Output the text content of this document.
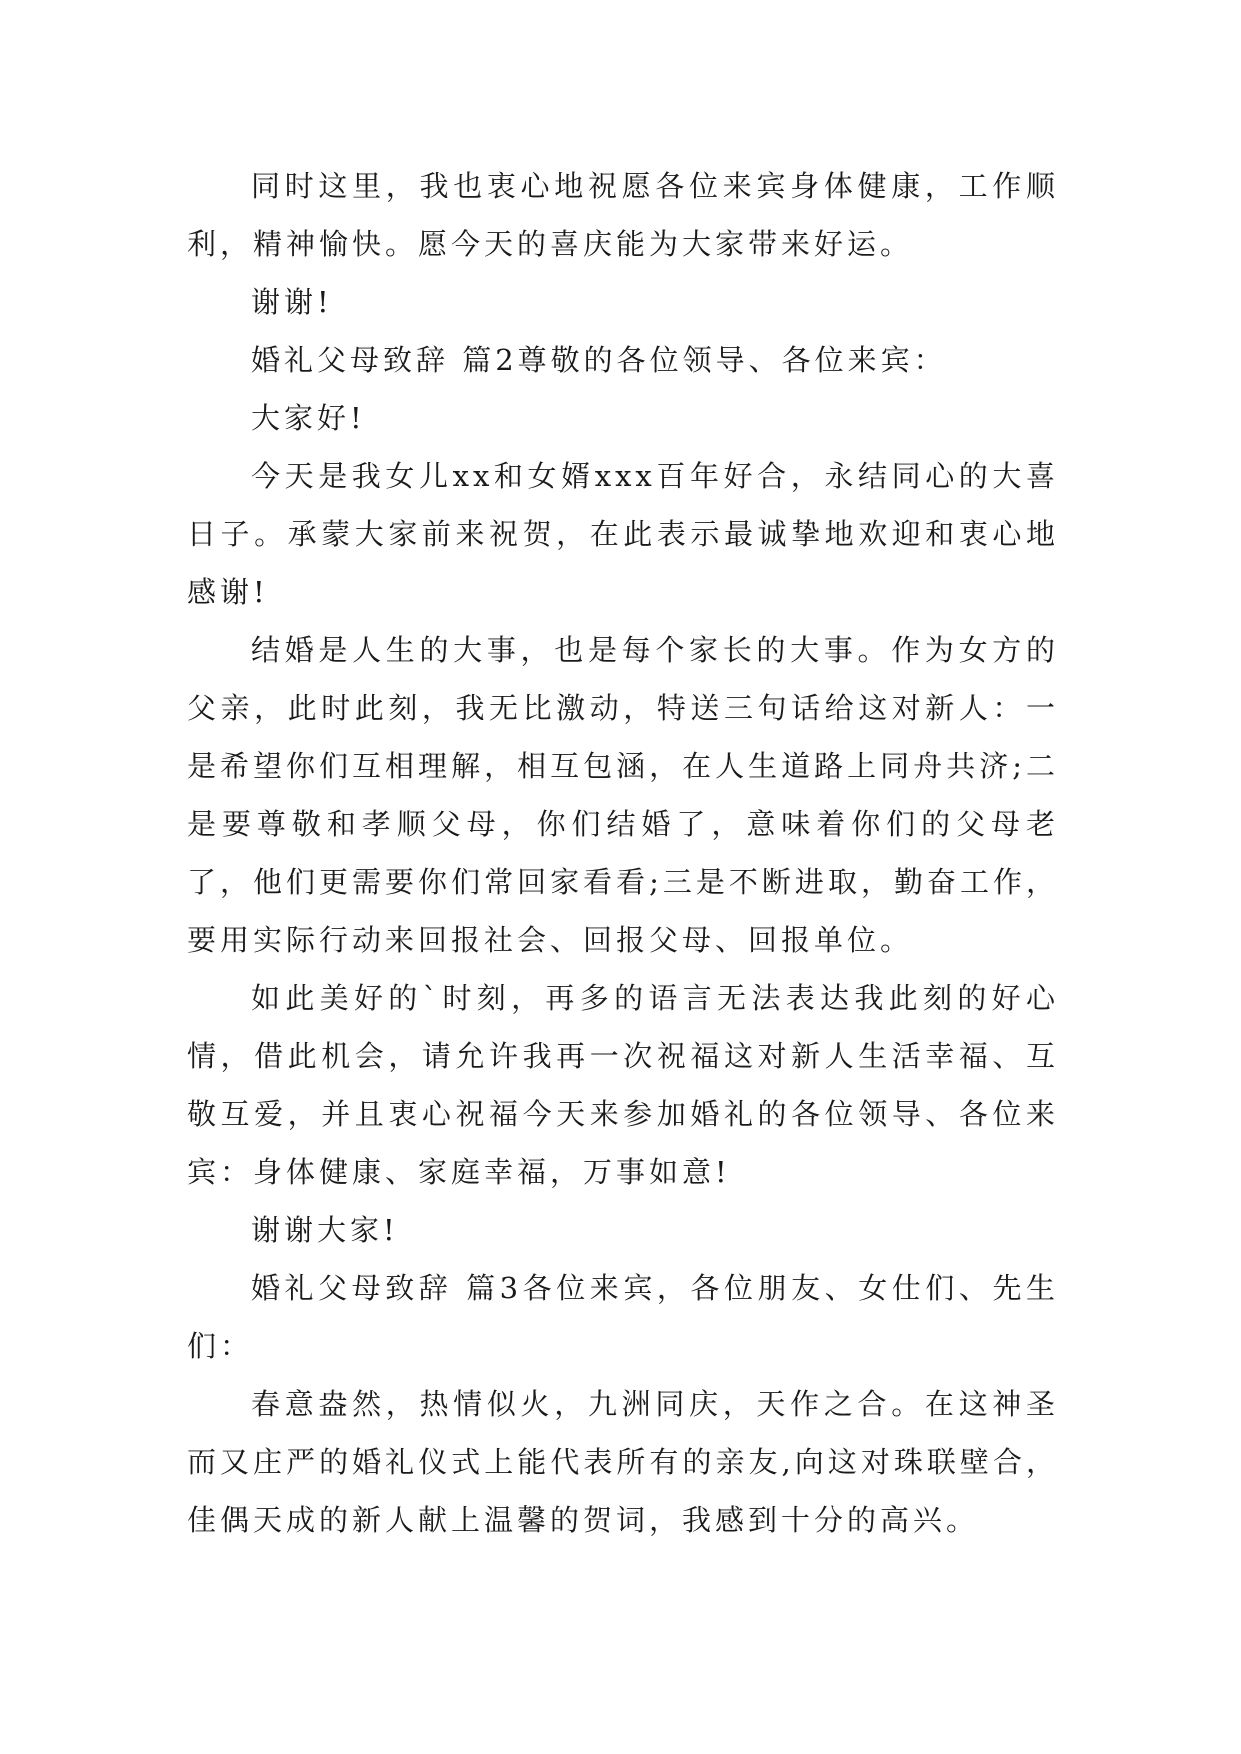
同时这里，我也衷心地祝愿各位来宾身体健康，工作顺利，精神愉快。愿今天的喜庆能为大家带来好运。

谢谢!

婚礼父母致辞 篇2尊敬的各位领导、各位来宾：

大家好!

今天是我女儿xx和女婿xxx百年好合，永结同心的大喜日子。承蒙大家前来祝贺，在此表示最诚挚地欢迎和衷心地感谢!

结婚是人生的大事，也是每个家长的大事。作为女方的父亲，此时此刻，我无比激动，特送三句话给这对新人：一是希望你们互相理解，相互包涵，在人生道路上同舟共济;二是要尊敬和孝顺父母，你们结婚了，意味着你们的父母老了，他们更需要你们常回家看看;三是不断进取，勤奋工作，要用实际行动来回报社会、回报父母、回报单位。

如此美好的`时刻，再多的语言无法表达我此刻的好心情，借此机会，请允许我再一次祝福这对新人生活幸福、互敬互爱，并且衷心祝福今天来参加婚礼的各位领导、各位来宾：身体健康、家庭幸福，万事如意!

谢谢大家!

婚礼父母致辞 篇3各位来宾，各位朋友、女仕们、先生们：

春意盎然，热情似火，九洲同庆，天作之合。在这神圣而又庄严的婚礼仪式上能代表所有的亲友,向这对珠联壁合，佳偶天成的新人献上温馨的贺词，我感到十分的高兴。
